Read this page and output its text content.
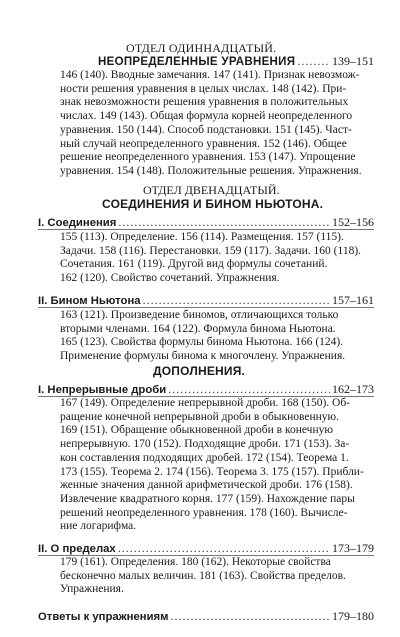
ОТДЕЛ ОДИННАДЦАТЫЙ.
НЕОПРЕДЕЛЕННЫЕ УРАВНЕНИЯ .....	139–151
146 (140). Вводные замечания. 147 (141). Признак невозмож-
ности решения уравнения в целых числах. 148 (142). При-
знак невозможности решения уравнения в положительных
числах. 149 (143). Общая формула корней неопределенного
уравнения. 150 (144). Способ подстановки. 151 (145). Част-
ный случай неопределенного уравнения. 152 (146). Общее
решение неопределенного уравнения. 153 (147). Упрощение
уравнения. 154 (148). Положительные решения. Упражнения.
ОТДЕЛ ДВЕНАДЦАТЫЙ.
СОЕДИНЕНИЯ И БИНОМ НЬЮТОНА.
I. Соединения .....	152–156
155 (113). Определение. 156 (114). Размещения. 157 (115).
Задачи. 158 (116). Перестановки. 159 (117). Задачи. 160 (118).
Сочетания. 161 (119). Другой вид формулы сочетаний.
162 (120). Свойство сочетаний. Упражнения.
II. Бином Ньютона .....	157–161
163 (121). Произведение биномов, отличающихся только
вторыми членами. 164 (122). Формула бинома Ньютона.
165 (123). Свойства формулы бинома Ньютона. 166 (124).
Применение формулы бинома к многочлену. Упражнения.
ДОПОЛНЕНИЯ.
I. Непрерывные дроби .....	162–173
167 (149). Определение непрерывной дроби. 168 (150). Об-
ращение конечной непрерывной дроби в обыкновенную.
169 (151). Обращение обыкновенной дроби в конечную
непрерывную. 170 (152). Подходящие дроби. 171 (153). За-
кон составления подходящих дробей. 172 (154). Теорема 1.
173 (155). Теорема 2. 174 (156). Теорема 3. 175 (157). Прибли-
женные значения данной арифметической дроби. 176 (158).
Извлечение квадратного корня. 177 (159). Нахождение пары
решений неопределенного уравнения. 178 (160). Вычисле-
ние логарифма.
II. О пределах .....	173–179
179 (161). Определения. 180 (162). Некоторые свойства
бесконечно малых величин. 181 (163). Свойства пределов.
Упражнения.
Ответы к упражнениям .....	179–180
